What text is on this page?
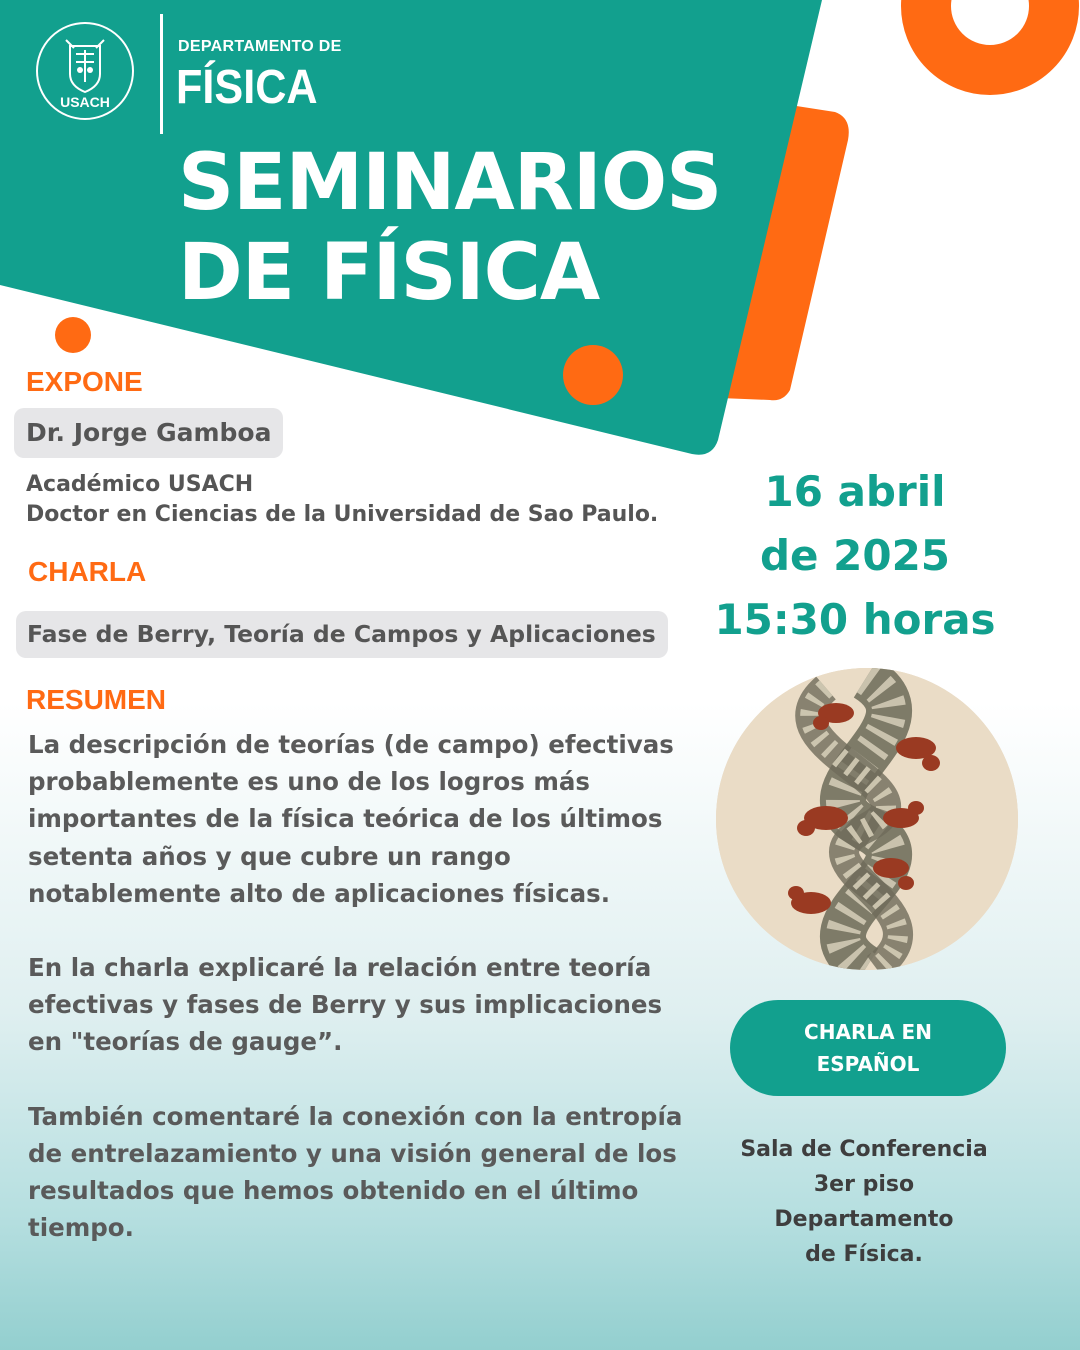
USACH
DEPARTAMENTO DE
FÍSICA
SEMINARIOS
DE FÍSICA
EXPONE
Dr. Jorge Gamboa
Académico USACH
Doctor en Ciencias de la Universidad de Sao Paulo.
CHARLA
Fase de Berry, Teoría de Campos y Aplicaciones
RESUMEN

La descripción de teorías (de campo) efectivas probablemente es uno de los logros más importantes de la física teórica de los últimos setenta años y que cubre un rango notablemente alto de aplicaciones físicas.

En la charla explicaré la relación entre teoría efectivas y fases de Berry y sus implicaciones en "teorías de gauge”.

También comentaré la conexión con la entropía de entrelazamiento y una visión general de los resultados que hemos obtenido en el último tiempo.

16 abril
de 2025
15:30 horas
CHARLA EN
ESPAÑOL
Sala de Conferencia
3er piso
Departamento
de Física.
